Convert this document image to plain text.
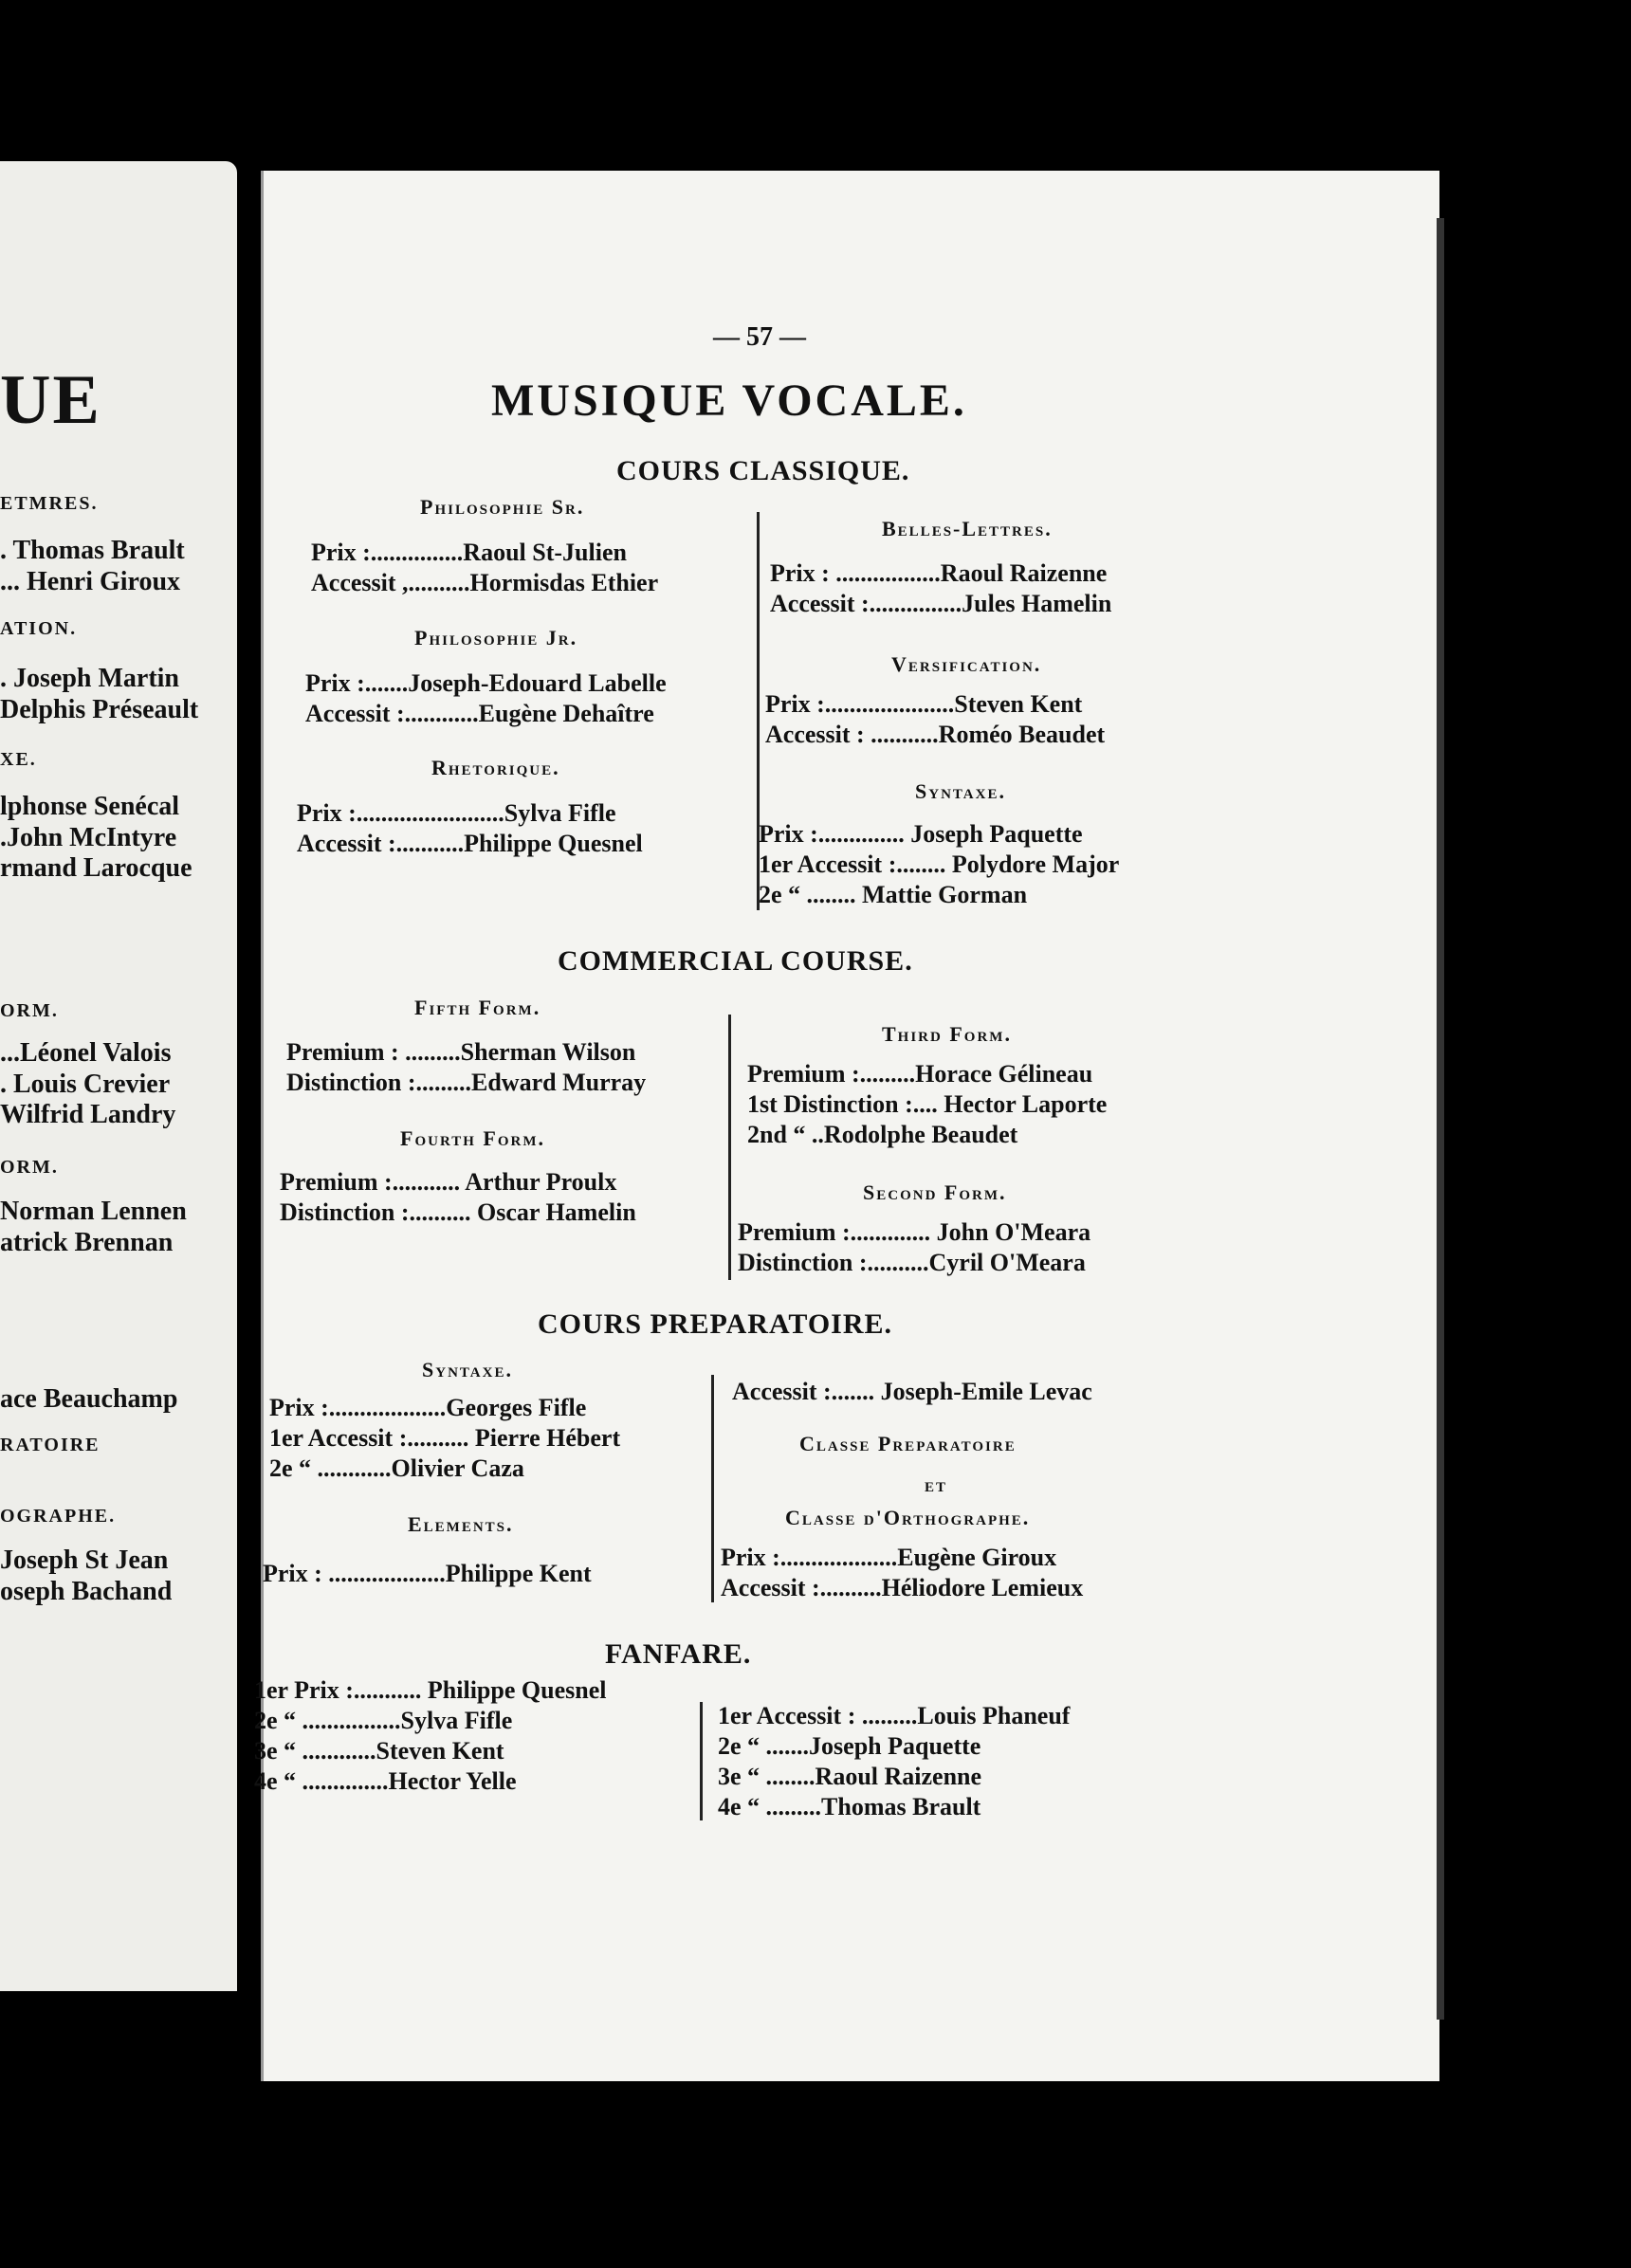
UE
ETMRES.
. Thomas Brault
... Henri Giroux
ATION.
. Joseph Martin
Delphis Préseault
XE.
lphonse Senécal
.John McIntyre
rmand Larocque
ORM.
...Léonel Valois
. Louis Crevier
Wilfrid Landry
ORM.
Norman Lennen
atrick Brennan
ace Beauchamp
RATOIRE
OGRAPHE.
Joseph St Jean
oseph Bachand
— 57 —
MUSIQUE VOCALE.
COURS CLASSIQUE.
Philosophie Sr.
Belles-Lettres.
Prix :...............Raoul St-Julien
Accessit ,..........Hormisdas Ethier	Prix : .................Raoul Raizenne
Accessit :...............Jules Hamelin
Philosophie Jr.
Versification.
Prix :.......Joseph-Edouard Labelle
Accessit :............Eugène Dehaître	Prix :.....................Steven Kent
Accessit : ...........Roméo Beaudet
Rhetorique.
Syntaxe.
Prix :........................Sylva Fifle
Accessit :...........Philippe Quesnel	Prix :.............. Joseph Paquette
1er Accessit :........ Polydore Major
2e “ ........ Mattie Gorman
COMMERCIAL COURSE.
Fifth Form.
Third Form.
Premium : .........Sherman Wilson
Distinction :.........Edward Murray	Premium :.........Horace Gélineau
1st Distinction :.... Hector Laporte
2nd “ ..Rodolphe Beaudet
Fourth Form.
Premium :........... Arthur Proulx
Distinction :.......... Oscar Hamelin
Second Form.
Premium :............. John O'Meara
Distinction :..........Cyril O'Meara
COURS PREPARATOIRE.
Syntaxe.
Accessit :....... Joseph-Emile Levac
Prix :...................Georges Fifle
1er Accessit :.......... Pierre Hébert
2e “ ............Olivier Caza
Classe Preparatoire
et
Classe d'Orthographe.
Elements.
Prix :...................Eugène Giroux
Accessit :..........Héliodore Lemieux
Prix : ...................Philippe Kent
FANFARE.
1er Prix :........... Philippe Quesnel
2e “ ................Sylva Fifle
3e “ ............Steven Kent
4e “ ..............Hector Yelle
1er Accessit : .........Louis Phaneuf
2e “ .......Joseph Paquette
3e “ ........Raoul Raizenne
4e “ .........Thomas Brault
